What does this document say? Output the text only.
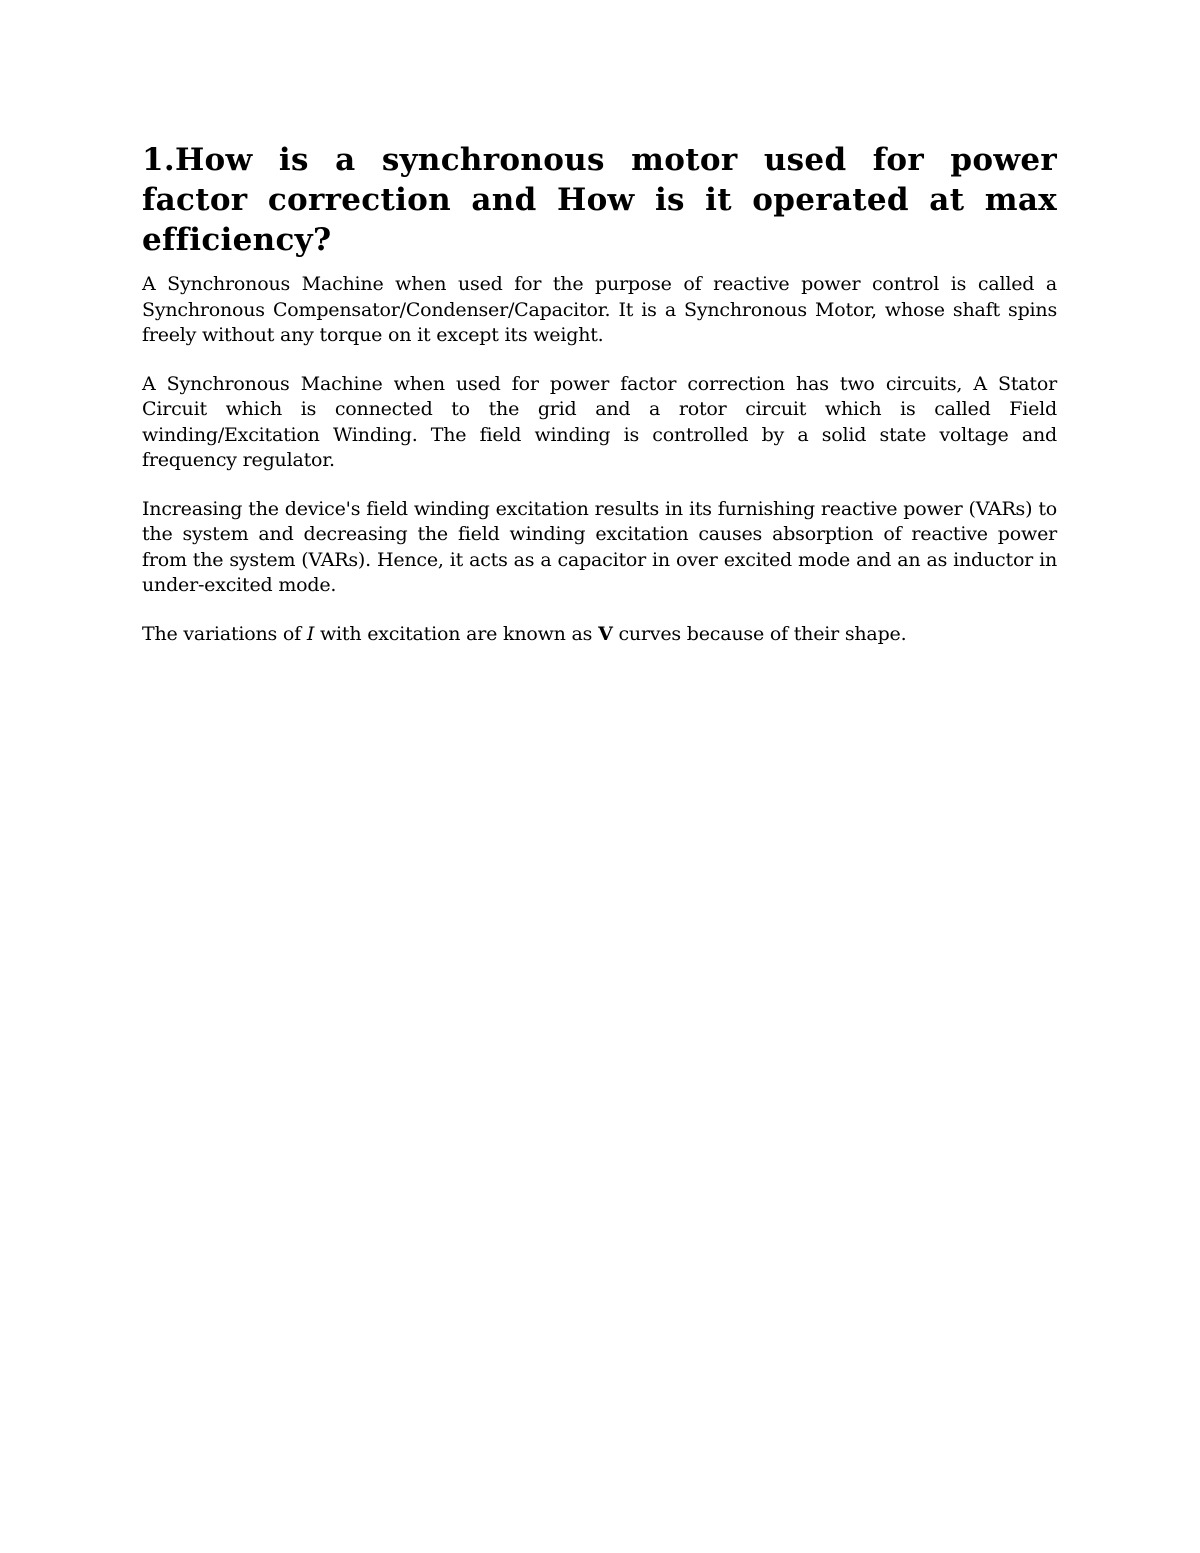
1.How is a synchronous motor used for power factor correction and How is it operated at max efficiency?

A Synchronous Machine when used for the purpose of reactive power control is called a Synchronous Compensator/Condenser/Capacitor. It is a Synchronous Motor, whose shaft spins freely without any torque on it except its weight.

A Synchronous Machine when used for power factor correction has two circuits, A Stator Circuit which is connected to the grid and a rotor circuit which is called Field winding/Excitation Winding. The field winding is controlled by a solid state voltage and frequency regulator.

Increasing the device's field winding excitation results in its furnishing reactive power (VARs) to the system and decreasing the field winding excitation causes absorption of reactive power from the system (VARs). Hence, it acts as a capacitor in over excited mode and an as inductor in under-excited mode.

The variations of I with excitation are known as V curves because of their shape.
